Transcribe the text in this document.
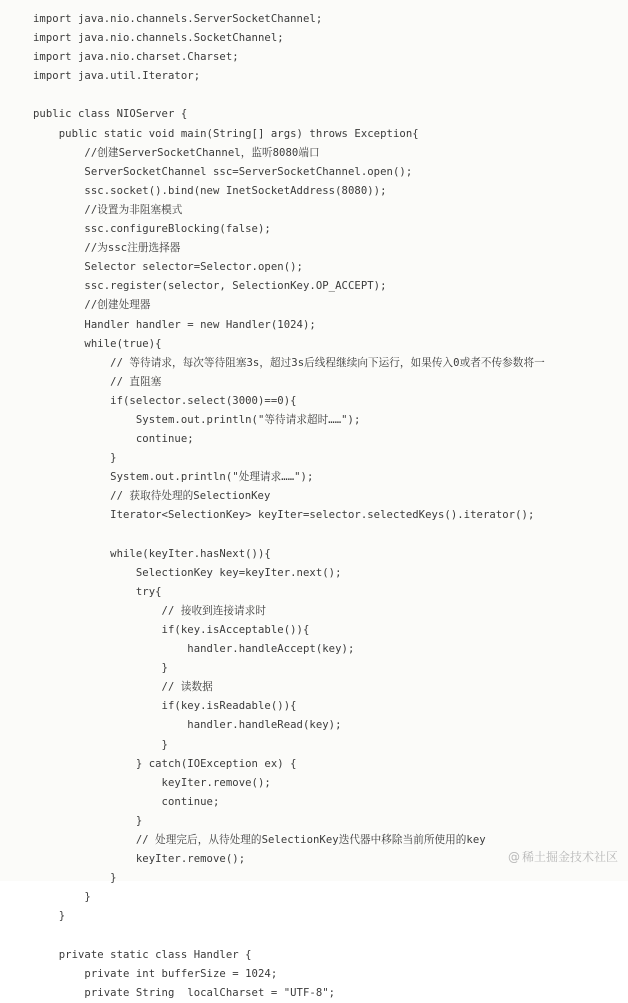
import java.nio.channels.ServerSocketChannel;
import java.nio.channels.SocketChannel;
import java.nio.charset.Charset;
import java.util.Iterator;
public class NIOServer {
public static void main(String[] args) throws Exception{
//创建ServerSocketChannel，监听8080端口
ServerSocketChannel ssc=ServerSocketChannel.open();
ssc.socket().bind(new InetSocketAddress(8080));
//设置为非阻塞模式
ssc.configureBlocking(false);
//为ssc注册选择器
Selector selector=Selector.open();
ssc.register(selector, SelectionKey.OP_ACCEPT);
//创建处理器
Handler handler = new Handler(1024);
while(true){
// 等待请求，每次等待阻塞3s，超过3s后线程继续向下运行，如果传入0或者不传参数将一
// 直阻塞
if(selector.select(3000)==0){
System.out.println("等待请求超时……");
continue;
}
System.out.println("处理请求……");
// 获取待处理的SelectionKey
Iterator<SelectionKey> keyIter=selector.selectedKeys().iterator();
while(keyIter.hasNext()){
SelectionKey key=keyIter.next();
try{
// 接收到连接请求时
if(key.isAcceptable()){
handler.handleAccept(key);
}
// 读数据
if(key.isReadable()){
handler.handleRead(key);
}
} catch(IOException ex) {
keyIter.remove();
continue;
}
// 处理完后，从待处理的SelectionKey迭代器中移除当前所使用的key
keyIter.remove();
}
}
}
private static class Handler {
private int bufferSize = 1024;
private String  localCharset = "UTF-8";
@ 稀土掘金技术社区
